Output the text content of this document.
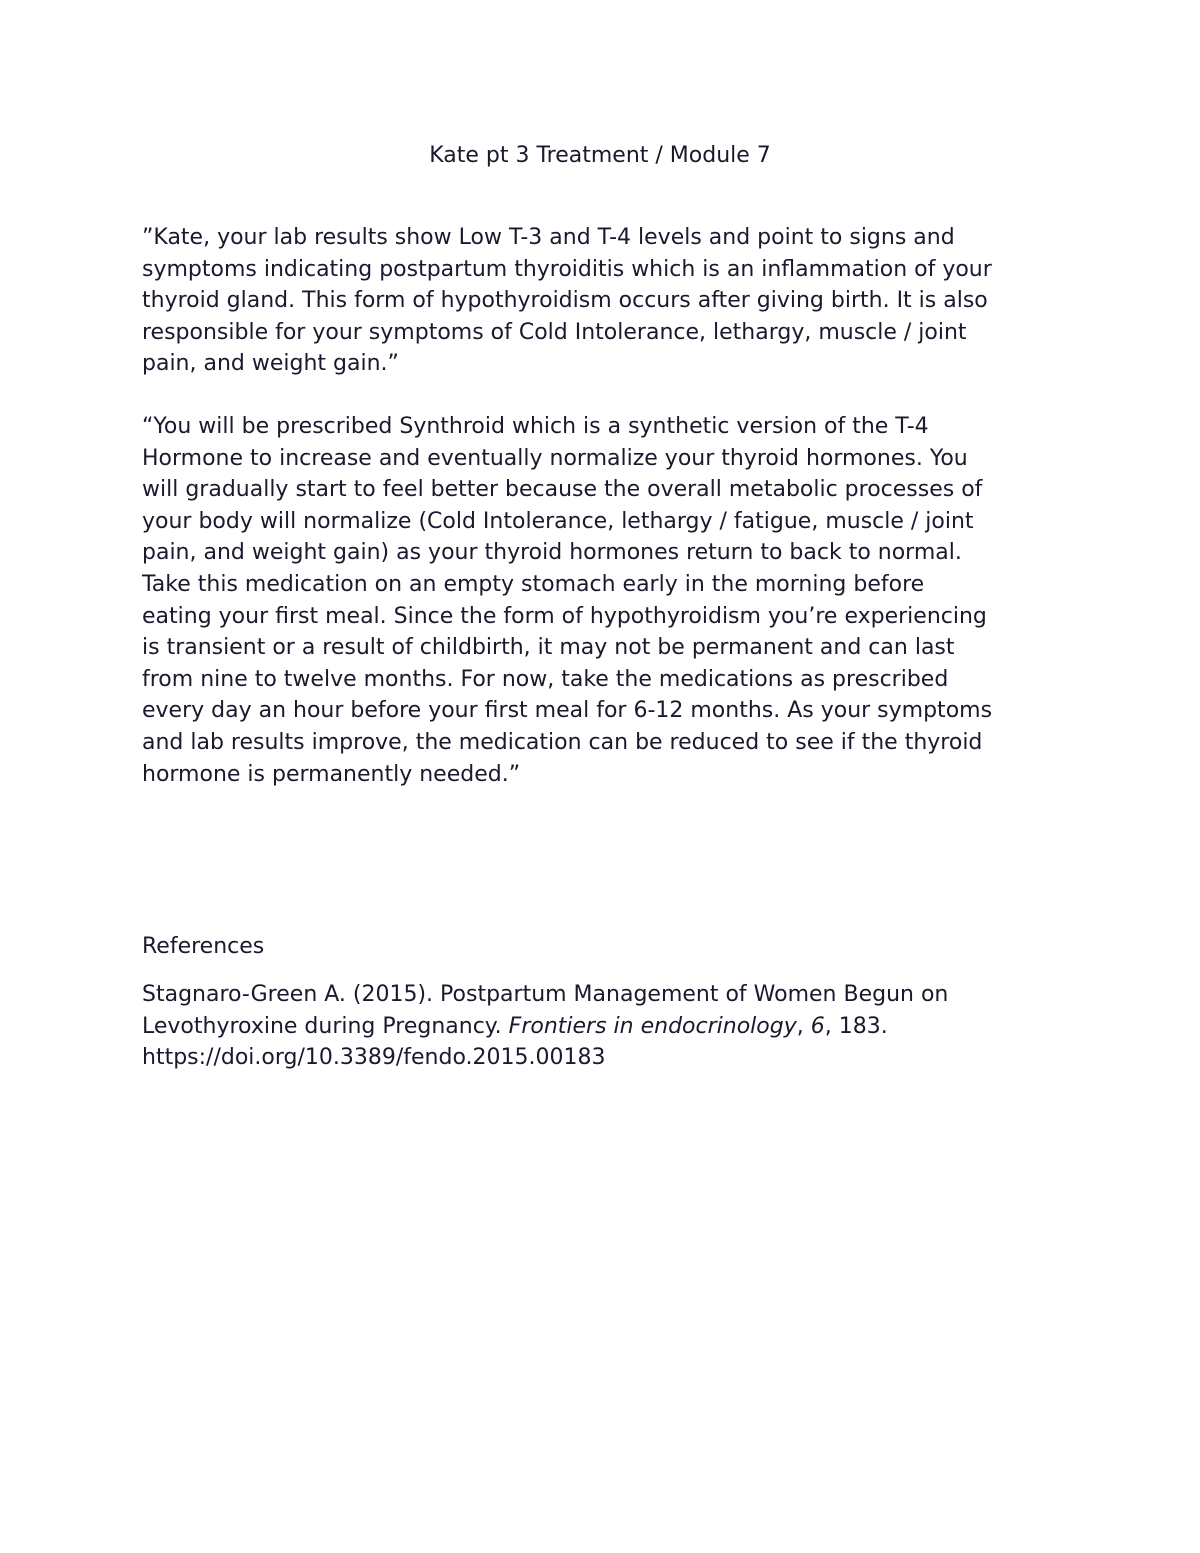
Kate pt 3 Treatment / Module 7

”Kate, your lab results show Low T-3 and T-4 levels and point to signs and
symptoms indicating postpartum thyroiditis which is an inflammation of your
thyroid gland. This form of hypothyroidism occurs after giving birth. It is also
responsible for your symptoms of Cold Intolerance, lethargy, muscle / joint
pain, and weight gain.”

“You will be prescribed Synthroid which is a synthetic version of the T-4
Hormone to increase and eventually normalize your thyroid hormones. You
will gradually start to feel better because the overall metabolic processes of
your body will normalize (Cold Intolerance, lethargy / fatigue, muscle / joint
pain, and weight gain) as your thyroid hormones return to back to normal.
Take this medication on an empty stomach early in the morning before
eating your first meal. Since the form of hypothyroidism you’re experiencing
is transient or a result of childbirth, it may not be permanent and can last
from nine to twelve months. For now, take the medications as prescribed
every day an hour before your first meal for 6-12 months. As your symptoms
and lab results improve, the medication can be reduced to see if the thyroid
hormone is permanently needed.”

References

Stagnaro-Green A. (2015). Postpartum Management of Women Begun on Levothyroxine during Pregnancy. Frontiers in endocrinology, 6, 183.
https://doi.org/10.3389/fendo.2015.00183
